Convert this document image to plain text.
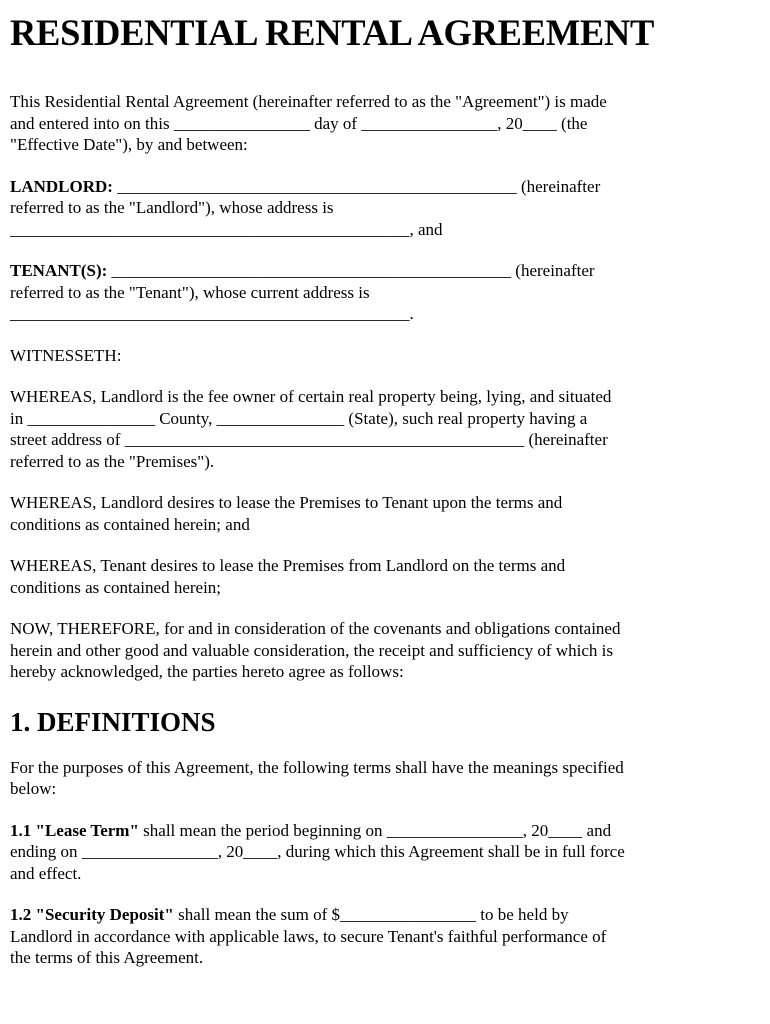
RESIDENTIAL RENTAL AGREEMENT

This Residential Rental Agreement (hereinafter referred to as the "Agreement") is made
and entered into on this ________________ day of ________________, 20____ (the
"Effective Date"), by and between:

LANDLORD: _______________________________________________ (hereinafter
referred to as the "Landlord"), whose address is
_______________________________________________, and

TENANT(S): _______________________________________________ (hereinafter
referred to as the "Tenant"), whose current address is
_______________________________________________.

WITNESSETH:

WHEREAS, Landlord is the fee owner of certain real property being, lying, and situated
in _______________ County, _______________ (State), such real property having a
street address of _______________________________________________ (hereinafter
referred to as the "Premises").

WHEREAS, Landlord desires to lease the Premises to Tenant upon the terms and
conditions as contained herein; and

WHEREAS, Tenant desires to lease the Premises from Landlord on the terms and
conditions as contained herein;

NOW, THEREFORE, for and in consideration of the covenants and obligations contained
herein and other good and valuable consideration, the receipt and sufficiency of which is
hereby acknowledged, the parties hereto agree as follows:

1. DEFINITIONS

For the purposes of this Agreement, the following terms shall have the meanings specified
below:

1.1 "Lease Term" shall mean the period beginning on ________________, 20____ and
ending on ________________, 20____, during which this Agreement shall be in full force
and effect.

1.2 "Security Deposit" shall mean the sum of $________________ to be held by
Landlord in accordance with applicable laws, to secure Tenant's faithful performance of
the terms of this Agreement.
